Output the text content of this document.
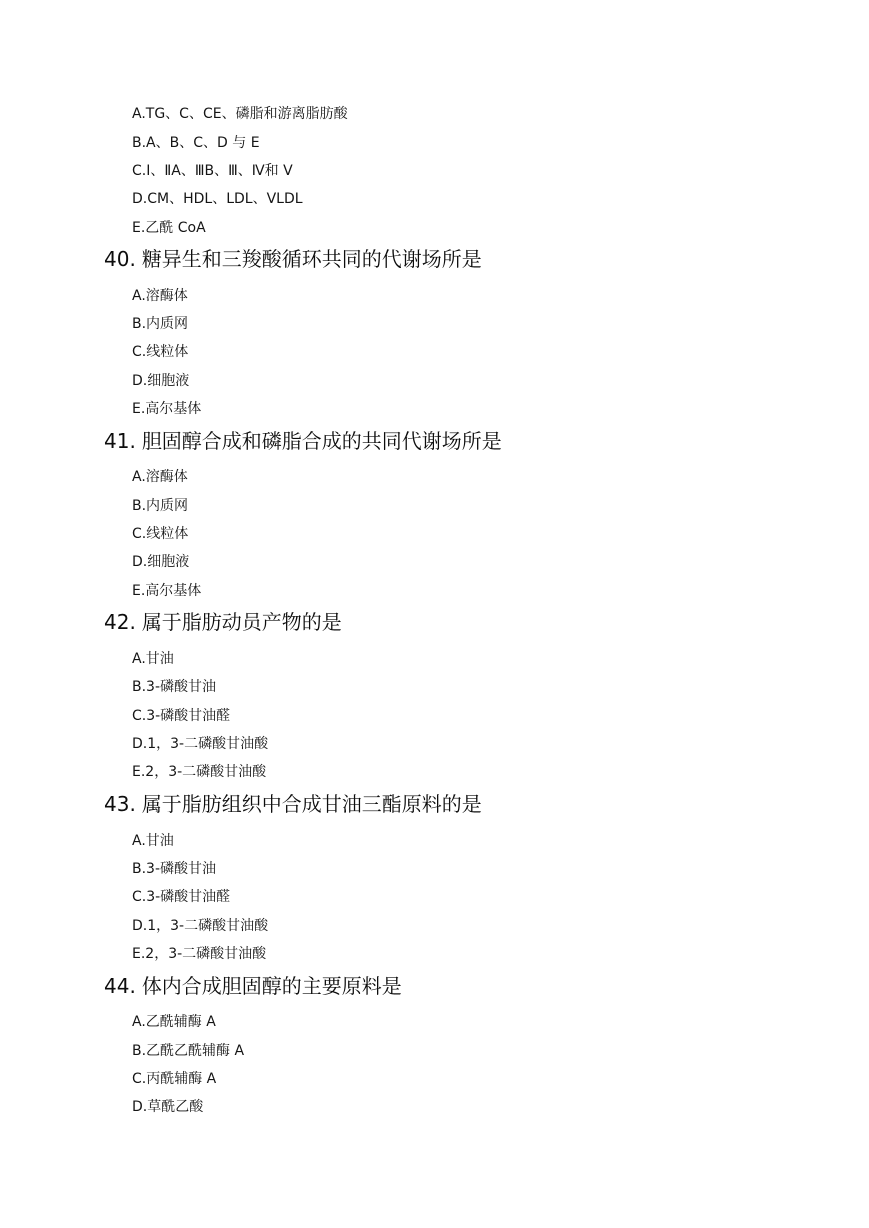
A.TG、C、CE、磷脂和游离脂肪酸
B.A、B、C、D 与 E
C.Ⅰ、ⅡA、ⅢB、Ⅲ、Ⅳ和 V
D.CM、HDL、LDL、VLDL
E.乙酰 CoA
40. 糖异生和三羧酸循环共同的代谢场所是
A.溶酶体
B.内质网
C.线粒体
D.细胞液
E.高尔基体
41. 胆固醇合成和磷脂合成的共同代谢场所是
A.溶酶体
B.内质网
C.线粒体
D.细胞液
E.高尔基体
42. 属于脂肪动员产物的是
A.甘油
B.3-磷酸甘油
C.3-磷酸甘油醛
D.1，3-二磷酸甘油酸
E.2，3-二磷酸甘油酸
43. 属于脂肪组织中合成甘油三酯原料的是
A.甘油
B.3-磷酸甘油
C.3-磷酸甘油醛
D.1，3-二磷酸甘油酸
E.2，3-二磷酸甘油酸
44. 体内合成胆固醇的主要原料是
A.乙酰辅酶 A
B.乙酰乙酰辅酶 A
C.丙酰辅酶 A
D.草酰乙酸
